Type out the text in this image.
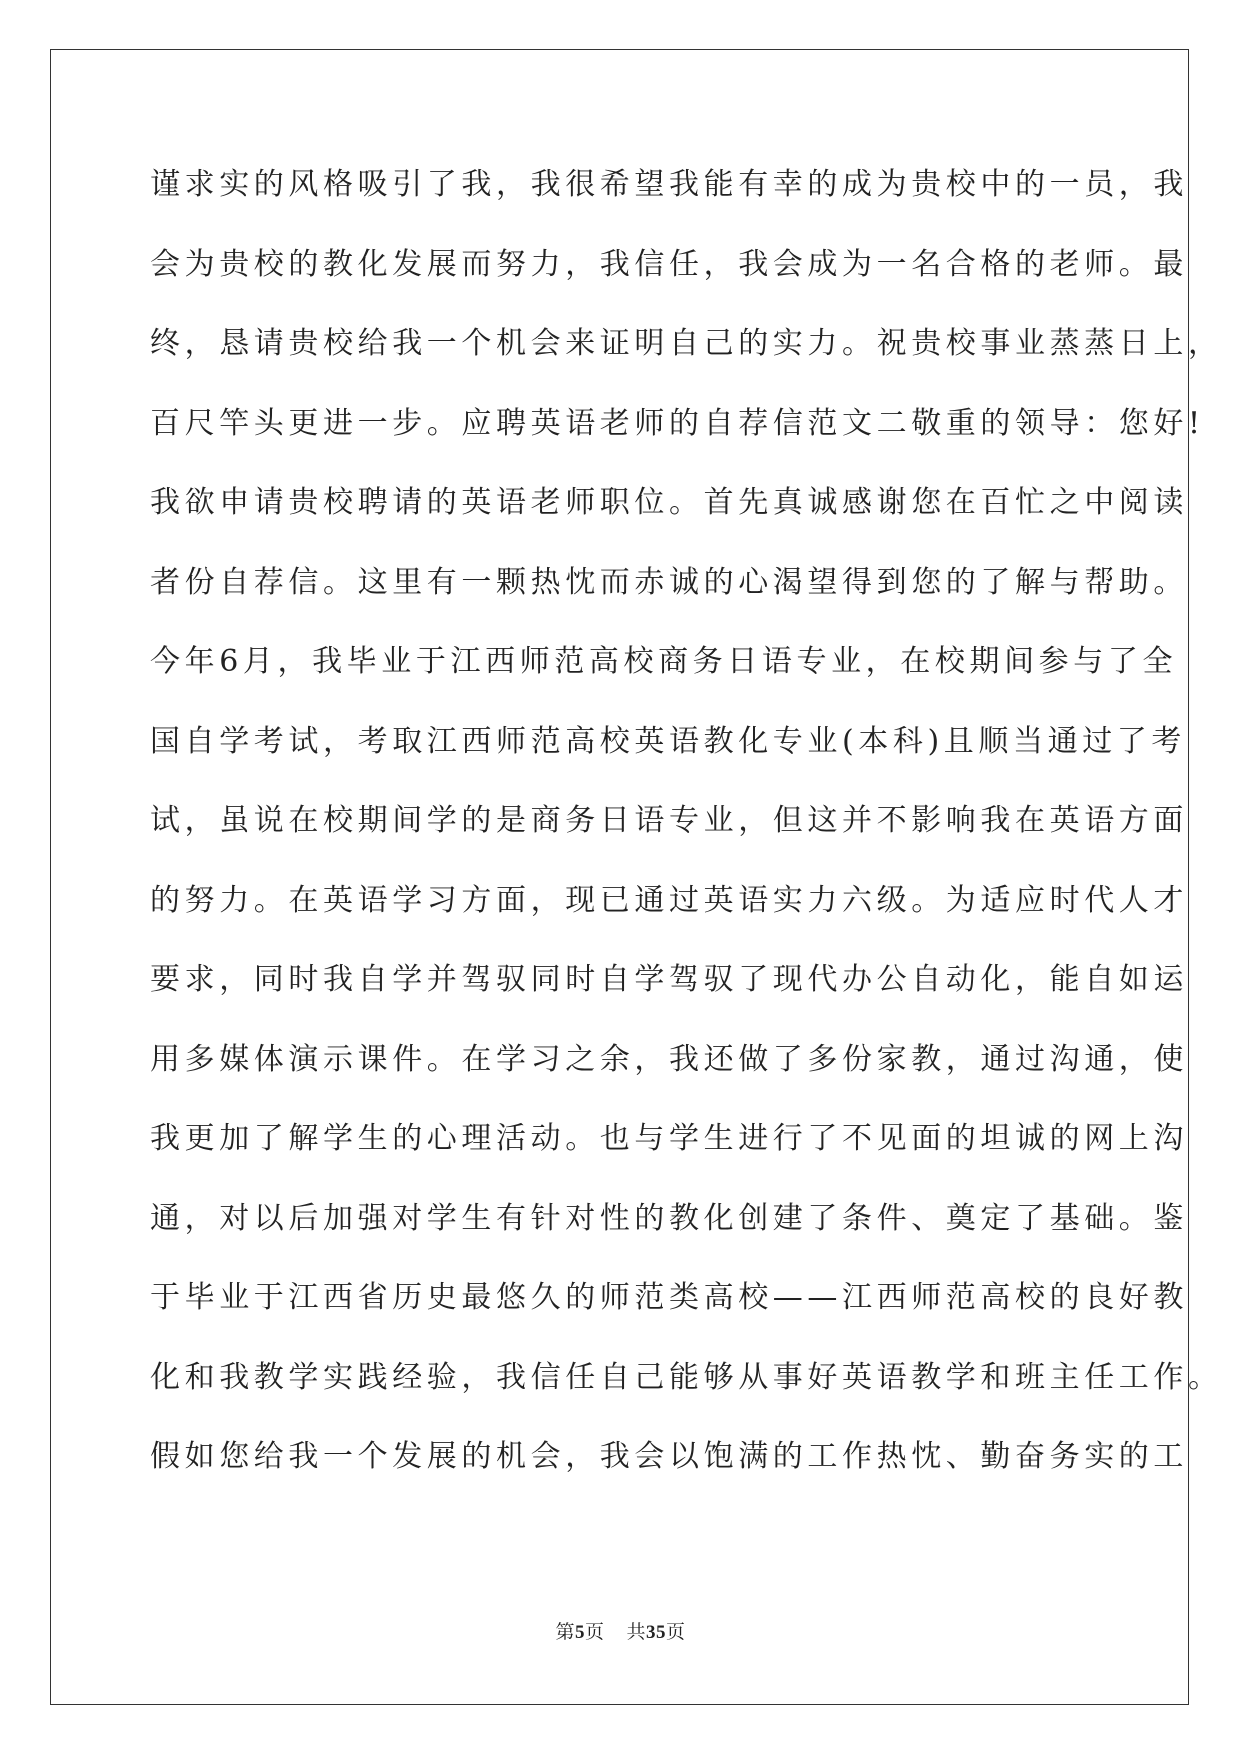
谨求实的风格吸引了我，我很希望我能有幸的成为贵校中的一员，我
会为贵校的教化发展而努力，我信任，我会成为一名合格的老师。最
终，恳请贵校给我一个机会来证明自己的实力。祝贵校事业蒸蒸日上，
百尺竿头更进一步。应聘英语老师的自荐信范文二敬重的领导：您好!
我欲申请贵校聘请的英语老师职位。首先真诚感谢您在百忙之中阅读
者份自荐信。这里有一颗热忱而赤诚的心渴望得到您的了解与帮助。
今年6月，我毕业于江西师范高校商务日语专业，在校期间参与了全
国自学考试，考取江西师范高校英语教化专业(本科)且顺当通过了考
试，虽说在校期间学的是商务日语专业，但这并不影响我在英语方面
的努力。在英语学习方面，现已通过英语实力六级。为适应时代人才
要求，同时我自学并驾驭同时自学驾驭了现代办公自动化，能自如运
用多媒体演示课件。在学习之余，我还做了多份家教，通过沟通，使
我更加了解学生的心理活动。也与学生进行了不见面的坦诚的网上沟
通，对以后加强对学生有针对性的教化创建了条件、奠定了基础。鉴
于毕业于江西省历史最悠久的师范类高校——江西师范高校的良好教
化和我教学实践经验，我信任自己能够从事好英语教学和班主任工作。
假如您给我一个发展的机会，我会以饱满的工作热忱、勤奋务实的工
第5页 共35页
